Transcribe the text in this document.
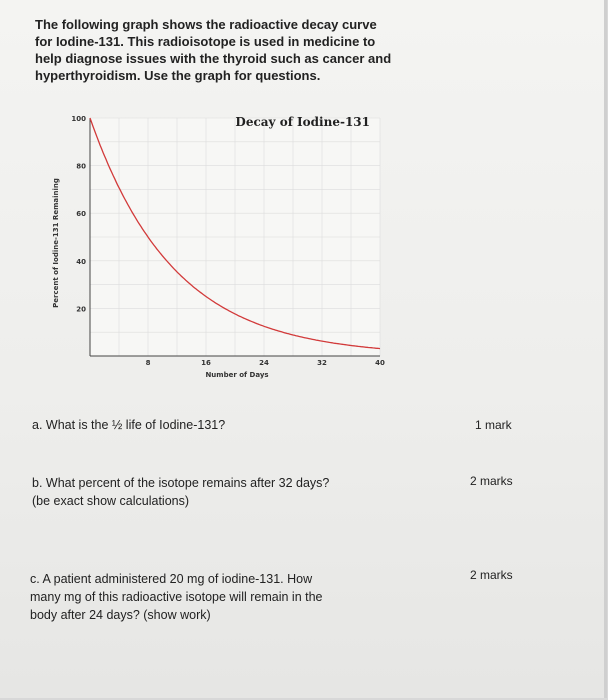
The following graph shows the radioactive decay curve

for Iodine-131. This radioisotope is used in medicine to

help diagnose issues with the thyroid such as cancer and

hyperthyroidism. Use the graph for questions.

100
80
60
40
20
8	16	24	32	40
Decay of Iodine-131
Number of Days
Percent of Iodine-131 Remaining
a. What is the ½ life of Iodine-131?	1 mark
b. What percent of the isotope remains after 32 days?
(be exact show calculations)
2 marks
c. A patient administered 20 mg of iodine-131. How
many mg of this radioactive isotope will remain in the
body after 24 days? (show work)
2 marks
